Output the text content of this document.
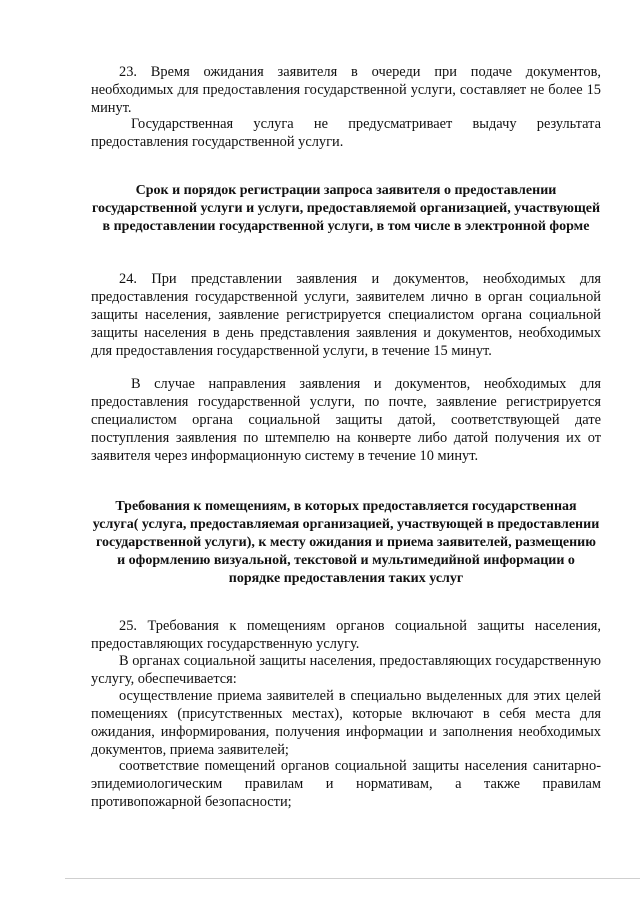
23. Время ожидания заявителя в очереди при подаче документов, необходимых для предоставления государственной услуги, составляет не более 15 минут.

Государственная услуга не предусматривает выдачу результата предоставления государственной услуги.

Срок и порядок регистрации запроса заявителя о предоставлении государственной услуги и услуги, предоставляемой организацией, участвующей в предоставлении государственной услуги, в том числе в электронной форме

24. При представлении заявления и документов, необходимых для предоставления государственной услуги, заявителем лично в орган социальной защиты населения, заявление регистрируется специалистом органа социальной защиты населения в день представления заявления и документов, необходимых для предоставления государственной услуги, в течение 15 минут.

В случае направления заявления и документов, необходимых для предоставления государственной услуги, по почте, заявление регистрируется специалистом органа социальной защиты датой, соответствующей дате поступления заявления по штемпелю на конверте либо датой получения их от заявителя через информационную систему в течение 10 минут.

Требования к помещениям, в которых предоставляется государственная услуга( услуга, предоставляемая организацией, участвующей в предоставлении государственной услуги), к месту ожидания и приема заявителей, размещению и оформлению визуальной, текстовой и мультимедийной информации о порядке предоставления таких услуг

25. Требования к помещениям органов социальной защиты населения, предоставляющих государственную услугу.

В органах социальной защиты населения, предоставляющих государственную услугу, обеспечивается:

осуществление приема заявителей в специально выделенных для этих целей помещениях (присутственных местах), которые включают в себя места для ожидания, информирования, получения информации и заполнения необходимых документов, приема заявителей;

соответствие помещений органов социальной защиты населения санитарно-эпидемиологическим правилам и нормативам, а также правилам противопожарной безопасности;
